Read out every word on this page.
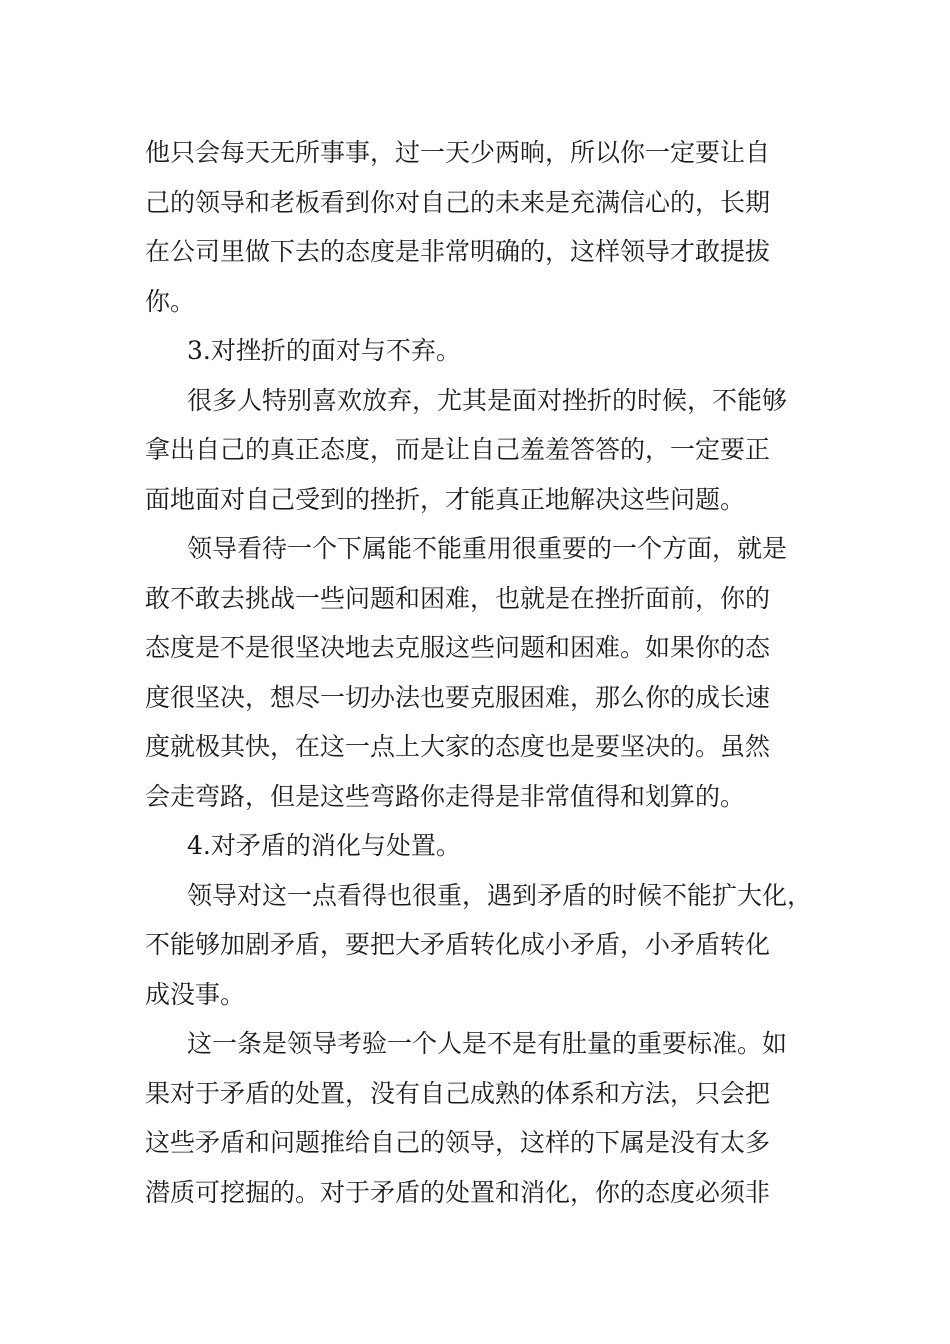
他只会每天无所事事，过一天少两晌，所以你一定要让自
己的领导和老板看到你对自己的未来是充满信心的，长期
在公司里做下去的态度是非常明确的，这样领导才敢提拔
你。
3.对挫折的面对与不弃。
很多人特别喜欢放弃，尤其是面对挫折的时候，不能够
拿出自己的真正态度，而是让自己羞羞答答的，一定要正
面地面对自己受到的挫折，才能真正地解决这些问题。
领导看待一个下属能不能重用很重要的一个方面，就是
敢不敢去挑战一些问题和困难，也就是在挫折面前，你的
态度是不是很坚决地去克服这些问题和困难。如果你的态
度很坚决，想尽一切办法也要克服困难，那么你的成长速
度就极其快，在这一点上大家的态度也是要坚决的。虽然
会走弯路，但是这些弯路你走得是非常值得和划算的。
4.对矛盾的消化与处置。
领导对这一点看得也很重，遇到矛盾的时候不能扩大化，
不能够加剧矛盾，要把大矛盾转化成小矛盾，小矛盾转化
成没事。
这一条是领导考验一个人是不是有肚量的重要标准。如
果对于矛盾的处置，没有自己成熟的体系和方法，只会把
这些矛盾和问题推给自己的领导，这样的下属是没有太多
潜质可挖掘的。对于矛盾的处置和消化，你的态度必须非
